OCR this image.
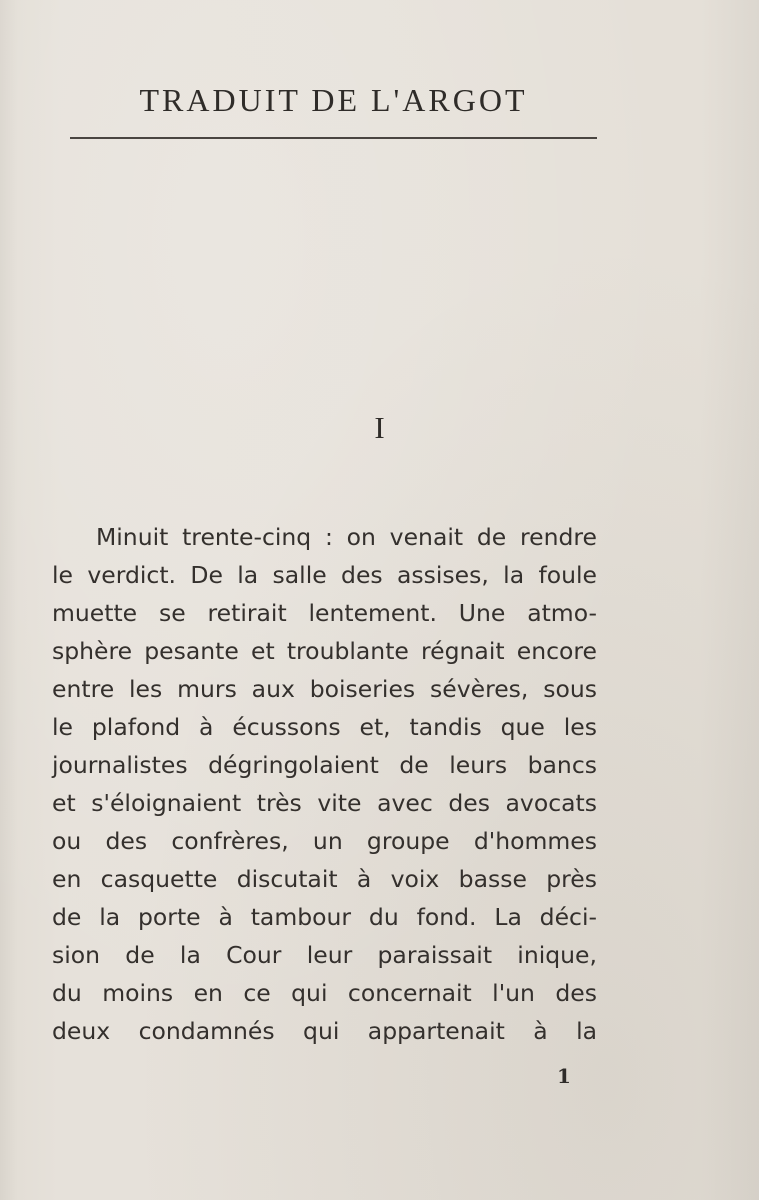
TRADUIT DE L'ARGOT
I
Minuit trente-cinq : on venait de rendre
le verdict. De la salle des assises, la foule
muette se retirait lentement. Une atmo-
sphère pesante et troublante régnait encore
entre les murs aux boiseries sévères, sous
le plafond à écussons et, tandis que les
journalistes dégringolaient de leurs bancs
et s'éloignaient très vite avec des avocats
ou des confrères, un groupe d'hommes
en casquette discutait à voix basse près
de la porte à tambour du fond. La déci-
sion de la Cour leur paraissait inique,
du moins en ce qui concernait l'un des
deux condamnés qui appartenait à la
1
